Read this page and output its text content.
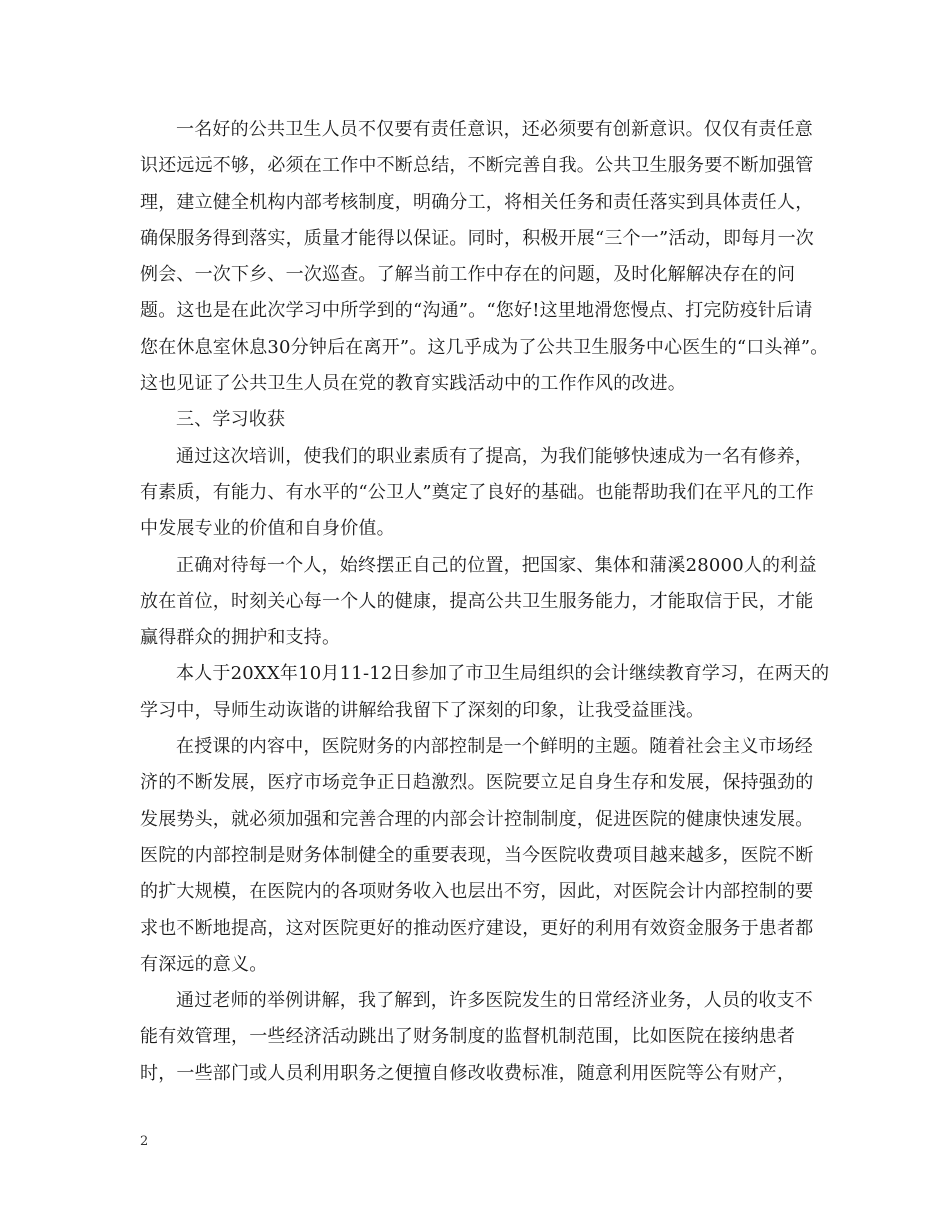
一名好的公共卫生人员不仅要有责任意识，还必须要有创新意识。仅仅有责任意识还远远不够，必须在工作中不断总结，不断完善自我。公共卫生服务要不断加强管理，建立健全机构内部考核制度，明确分工，将相关任务和责任落实到具体责任人，确保服务得到落实，质量才能得以保证。同时，积极开展“三个一”活动，即每月一次例会、一次下乡、一次巡查。了解当前工作中存在的问题，及时化解解决存在的问题。这也是在此次学习中所学到的“沟通”。“您好!这里地滑您慢点、打完防疫针后请您在休息室休息30分钟后在离开”。这几乎成为了公共卫生服务中心医生的“口头禅”。这也见证了公共卫生人员在党的教育实践活动中的工作作风的改进。

三、学习收获

通过这次培训，使我们的职业素质有了提高，为我们能够快速成为一名有修养，有素质，有能力、有水平的“公卫人”奠定了良好的基础。也能帮助我们在平凡的工作中发展专业的价值和自身价值。

正确对待每一个人，始终摆正自己的位置，把国家、集体和蒲溪28000人的利益放在首位，时刻关心每一个人的健康，提高公共卫生服务能力，才能取信于民，才能赢得群众的拥护和支持。

本人于20XX年10月11-12日参加了市卫生局组织的会计继续教育学习，在两天的学习中，导师生动诙谐的讲解给我留下了深刻的印象，让我受益匪浅。

在授课的内容中，医院财务的内部控制是一个鲜明的主题。随着社会主义市场经济的不断发展，医疗市场竞争正日趋激烈。医院要立足自身生存和发展，保持强劲的发展势头，就必须加强和完善合理的内部会计控制制度，促进医院的健康快速发展。医院的内部控制是财务体制健全的重要表现，当今医院收费项目越来越多，医院不断的扩大规模，在医院内的各项财务收入也层出不穷，因此，对医院会计内部控制的要求也不断地提高，这对医院更好的推动医疗建设，更好的利用有效资金服务于患者都有深远的意义。

通过老师的举例讲解，我了解到，许多医院发生的日常经济业务，人员的收支不能有效管理，一些经济活动跳出了财务制度的监督机制范围，比如医院在接纳患者时，一些部门或人员利用职务之便擅自修改收费标准，随意利用医院等公有财产，

2
